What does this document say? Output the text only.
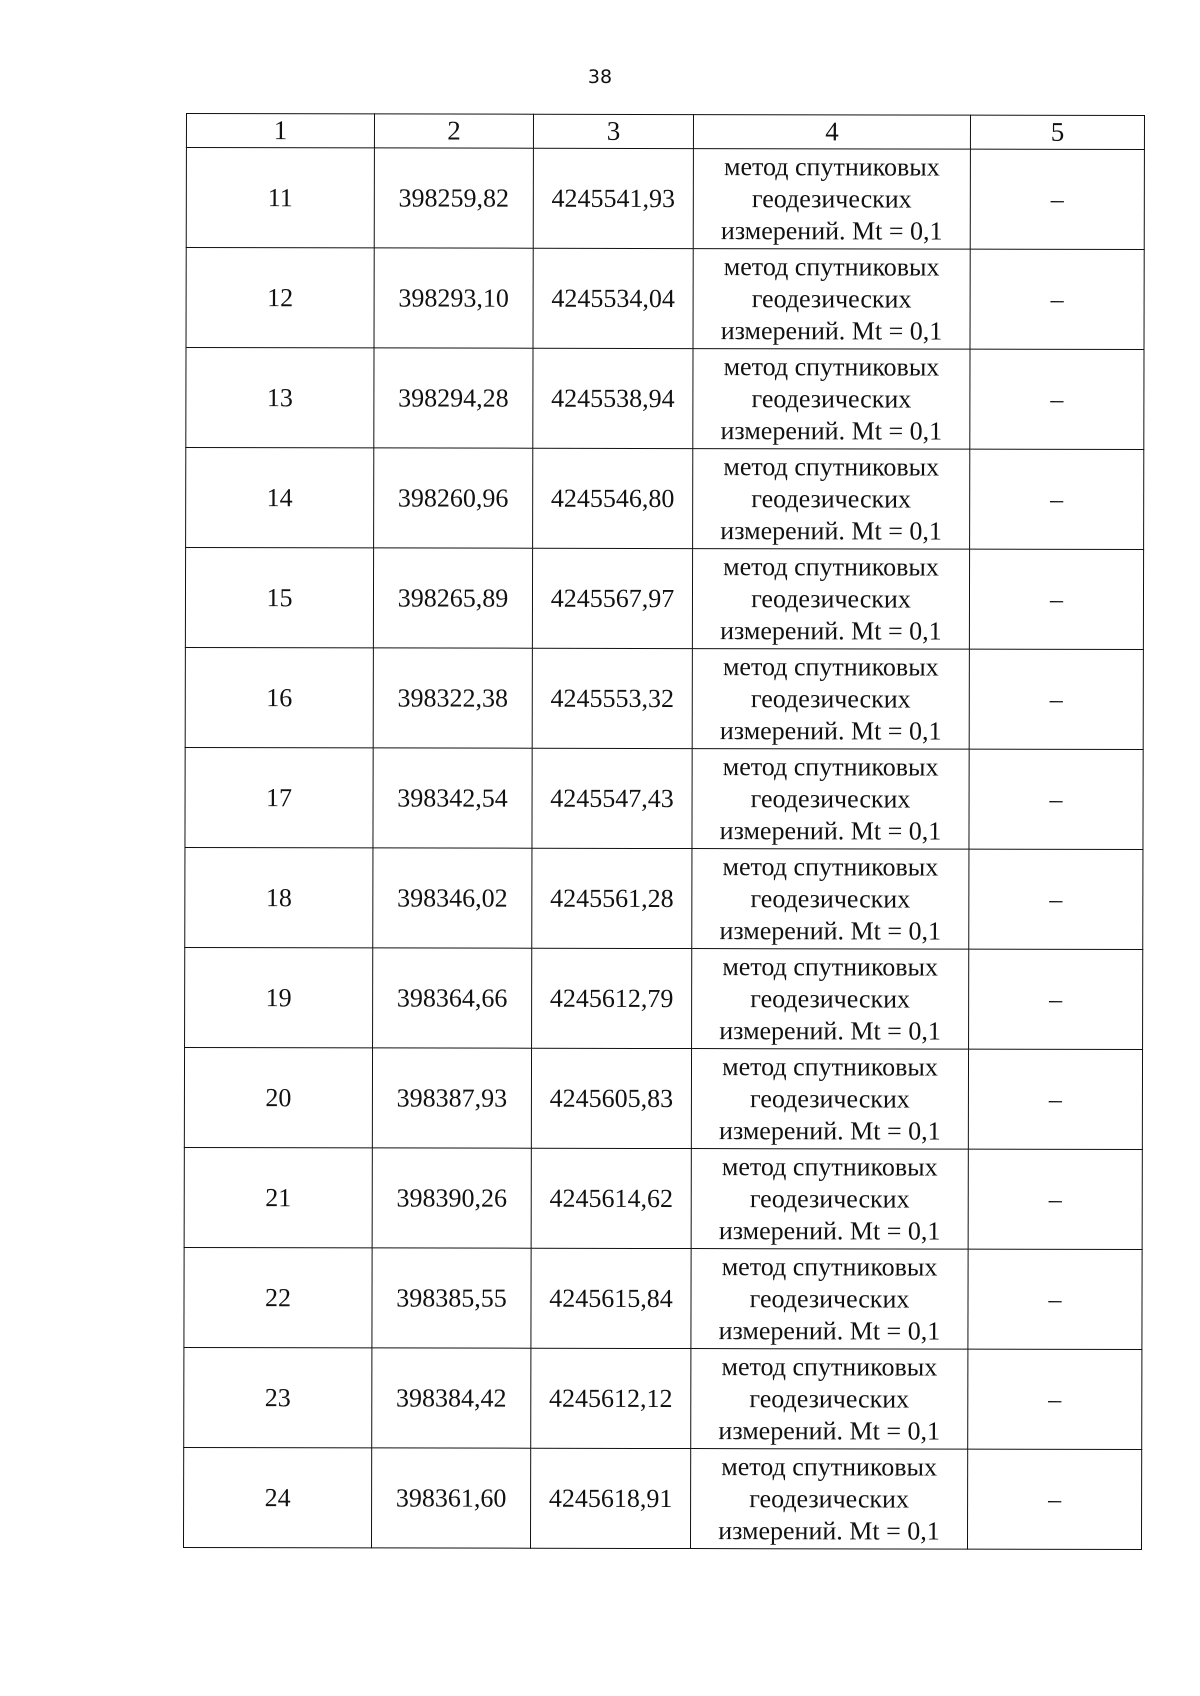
38
1	2	3	4	5
11	398259,82	4245541,93	метод спутниковых
геодезических
измерений. Mt = 0,1	–
12	398293,10	4245534,04	метод спутниковых
геодезических
измерений. Mt = 0,1	–
13	398294,28	4245538,94	метод спутниковых
геодезических
измерений. Mt = 0,1	–
14	398260,96	4245546,80	метод спутниковых
геодезических
измерений. Mt = 0,1	–
15	398265,89	4245567,97	метод спутниковых
геодезических
измерений. Mt = 0,1	–
16	398322,38	4245553,32	метод спутниковых
геодезических
измерений. Mt = 0,1	–
17	398342,54	4245547,43	метод спутниковых
геодезических
измерений. Mt = 0,1	–
18	398346,02	4245561,28	метод спутниковых
геодезических
измерений. Mt = 0,1	–
19	398364,66	4245612,79	метод спутниковых
геодезических
измерений. Mt = 0,1	–
20	398387,93	4245605,83	метод спутниковых
геодезических
измерений. Mt = 0,1	–
21	398390,26	4245614,62	метод спутниковых
геодезических
измерений. Mt = 0,1	–
22	398385,55	4245615,84	метод спутниковых
геодезических
измерений. Mt = 0,1	–
23	398384,42	4245612,12	метод спутниковых
геодезических
измерений. Mt = 0,1	–
24	398361,60	4245618,91	метод спутниковых
геодезических
измерений. Mt = 0,1	–
